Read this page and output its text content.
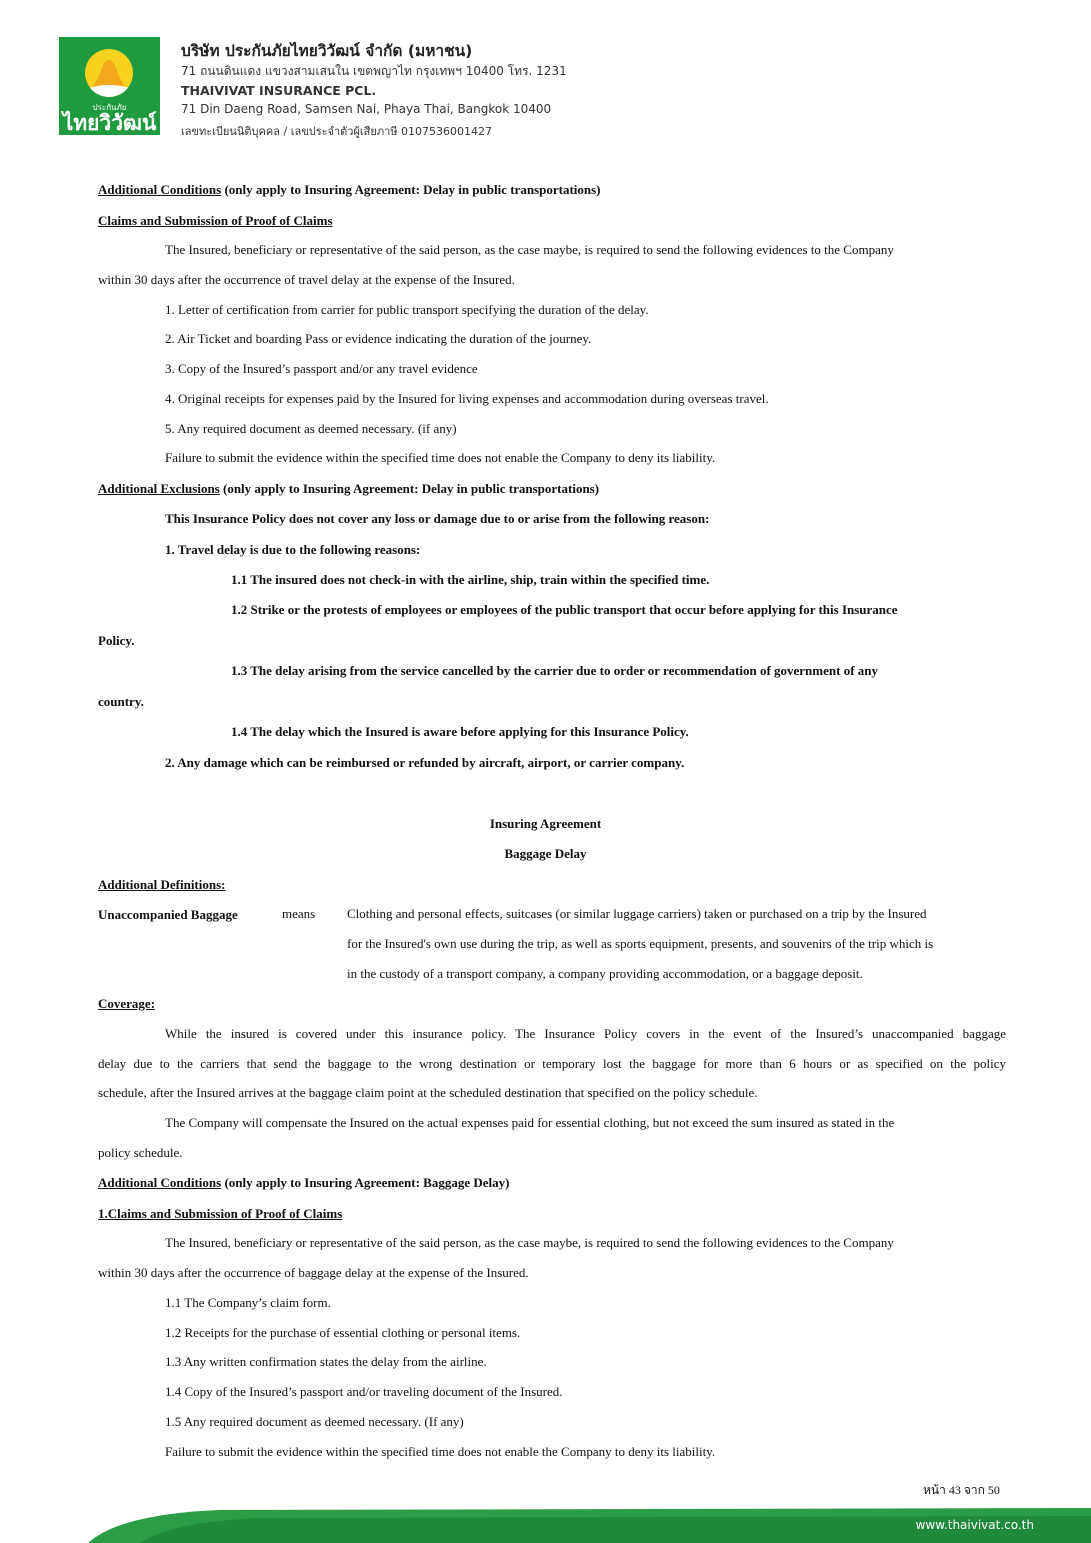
ประกันภัย
ไทยวิวัฒน์
บริษัท ประกันภัยไทยวิวัฒน์ จำกัด (มหาชน)
71 ถนนดินแดง แขวงสามเสนใน เขตพญาไท กรุงเทพฯ 10400 โทร. 1231
THAIVIVAT INSURANCE PCL.
71 Din Daeng Road, Samsen Nai, Phaya Thai, Bangkok 10400
เลขทะเบียนนิติบุคคล / เลขประจำตัวผู้เสียภาษี 0107536001427
Additional Conditions (only apply to Insuring Agreement: Delay in public transportations)
Claims and Submission of Proof of Claims
The Insured, beneficiary or representative of the said person, as the case maybe, is required to send the following evidences to the Company
within 30 days after the occurrence of travel delay at the expense of the Insured.
1. Letter of certification from carrier for public transport specifying the duration of the delay.
2. Air Ticket and boarding Pass or evidence indicating the duration of the journey.
3. Copy of the Insured’s passport and/or any travel evidence
4. Original receipts for expenses paid by the Insured for living expenses and accommodation during overseas travel.
5. Any required document as deemed necessary. (if any)
Failure to submit the evidence within the specified time does not enable the Company to deny its liability.
Additional Exclusions (only apply to Insuring Agreement: Delay in public transportations)
This Insurance Policy does not cover any loss or damage due to or arise from the following reason:
1. Travel delay is due to the following reasons:
1.1 The insured does not check-in with the airline, ship, train within the specified time.
1.2 Strike or the protests of employees or employees of the public transport that occur before applying for this Insurance
Policy.
1.3 The delay arising from the service cancelled by the carrier due to order or recommendation of government of any
country.
1.4 The delay which the Insured is aware before applying for this Insurance Policy.
2. Any damage which can be reimbursed or refunded by aircraft, airport, or carrier company.
Insuring Agreement
Baggage Delay
Additional Definitions:
Unaccompanied Baggage	means Clothing and personal effects, suitcases (or similar luggage carriers) taken or purchased on a trip by the Insured
for the Insured's own use during the trip, as well as sports equipment, presents, and souvenirs of the trip which is
in the custody of a transport company, a company providing accommodation, or a baggage deposit.
Coverage:
While the insured is covered under this insurance policy. The Insurance Policy covers in the event of the Insured’s unaccompanied baggage
delay due to the carriers that send the baggage to the wrong destination or temporary lost the baggage for more than 6 hours or as specified on the policy
schedule, after the Insured arrives at the baggage claim point at the scheduled destination that specified on the policy schedule.
The Company will compensate the Insured on the actual expenses paid for essential clothing, but not exceed the sum insured as stated in the
policy schedule.
Additional Conditions (only apply to Insuring Agreement: Baggage Delay)
1.Claims and Submission of Proof of Claims
The Insured, beneficiary or representative of the said person, as the case maybe, is required to send the following evidences to the Company
within 30 days after the occurrence of baggage delay at the expense of the Insured.
1.1 The Company’s claim form.
1.2 Receipts for the purchase of essential clothing or personal items.
1.3 Any written confirmation states the delay from the airline.
1.4 Copy of the Insured’s passport and/or traveling document of the Insured.
1.5 Any required document as deemed necessary. (If any)
Failure to submit the evidence within the specified time does not enable the Company to deny its liability.
หน้า 43 จาก 50
www.thaivivat.co.th
